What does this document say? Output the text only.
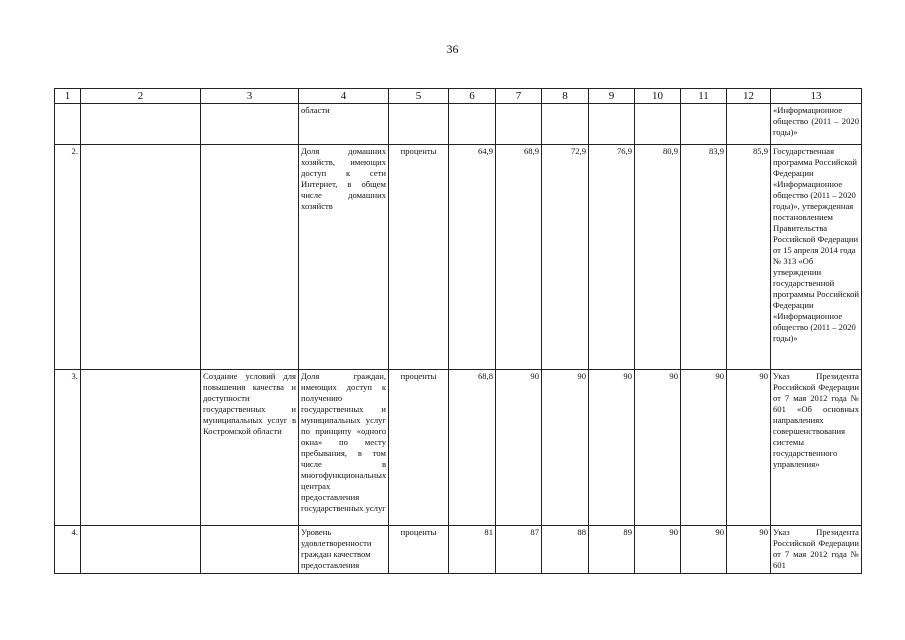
36
1	2	3	4	5	6	7	8	9	10	11	12	13
			области									«Информационное общество (2011 – 2020 годы)»
2.			Доля домашних хозяйств, имеющих доступ к сети Интернет, в общем числе домашних хозяйств	проценты	64,9	68,9	72,9	76,9	80,9	83,9	85,9	Государственная программа Российской Федерации «Информационное общество (2011 – 2020 годы)», утвержденная постановлением Правительства Российской Федерации от 15 апреля 2014 года № 313 «Об утверждении государственной программы Российской Федерации «Информационное общество (2011 – 2020 годы)»
3.		Создание условий для повышения качества и доступности государственных и муниципальных услуг в Костромской области	Доля граждан, имеющих доступ к получению государственных и муниципальных услуг по принципу «одного окна» по месту пребывания, в том числе в многофункциональных центрах предоставления государственных услуг	проценты	68,8	90	90	90	90	90	90	Указ Президента Российской Федерации от 7 мая 2012 года № 601 «Об основных направлениях совершенствования системы государственного управления»
4.			Уровень удовлетворенности граждан качеством предоставления	проценты	81	87	88	89	90	90	90	Указ Президента Российской Федерации от 7 мая 2012 года № 601
